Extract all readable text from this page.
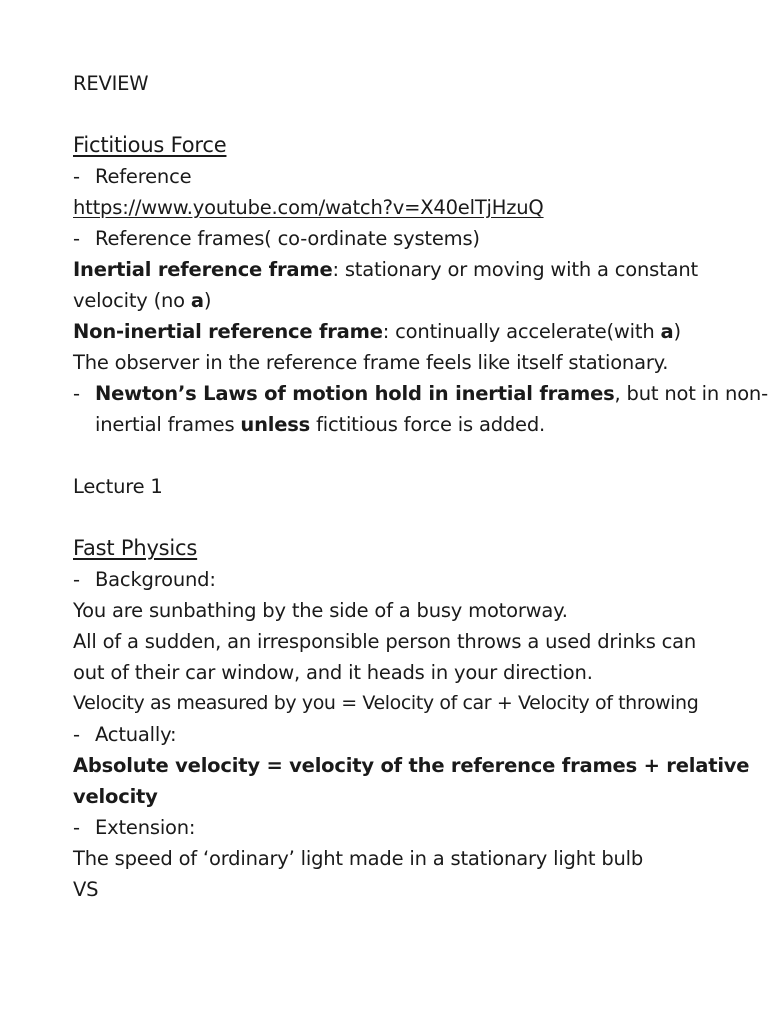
REVIEW
Fictitious Force
- Reference
https://www.youtube.com/watch?v=X40elTjHzuQ
- Reference frames( co-ordinate systems)
Inertial reference frame: stationary or moving with a constant
velocity (no a)
Non-inertial reference frame: continually accelerate(with a)
The observer in the reference frame feels like itself stationary.
- Newton’s Laws of motion hold in inertial frames, but not in non-
inertial frames unless fictitious force is added.
Lecture 1
Fast Physics
- Background:
You are sunbathing by the side of a busy motorway.
All of a sudden, an irresponsible person throws a used drinks can
out of their car window, and it heads in your direction.
Velocity as measured by you = Velocity of car + Velocity of throwing
- Actually:
Absolute velocity = velocity of the reference frames + relative
velocity
- Extension:
The speed of ‘ordinary’ light made in a stationary light bulb
VS
